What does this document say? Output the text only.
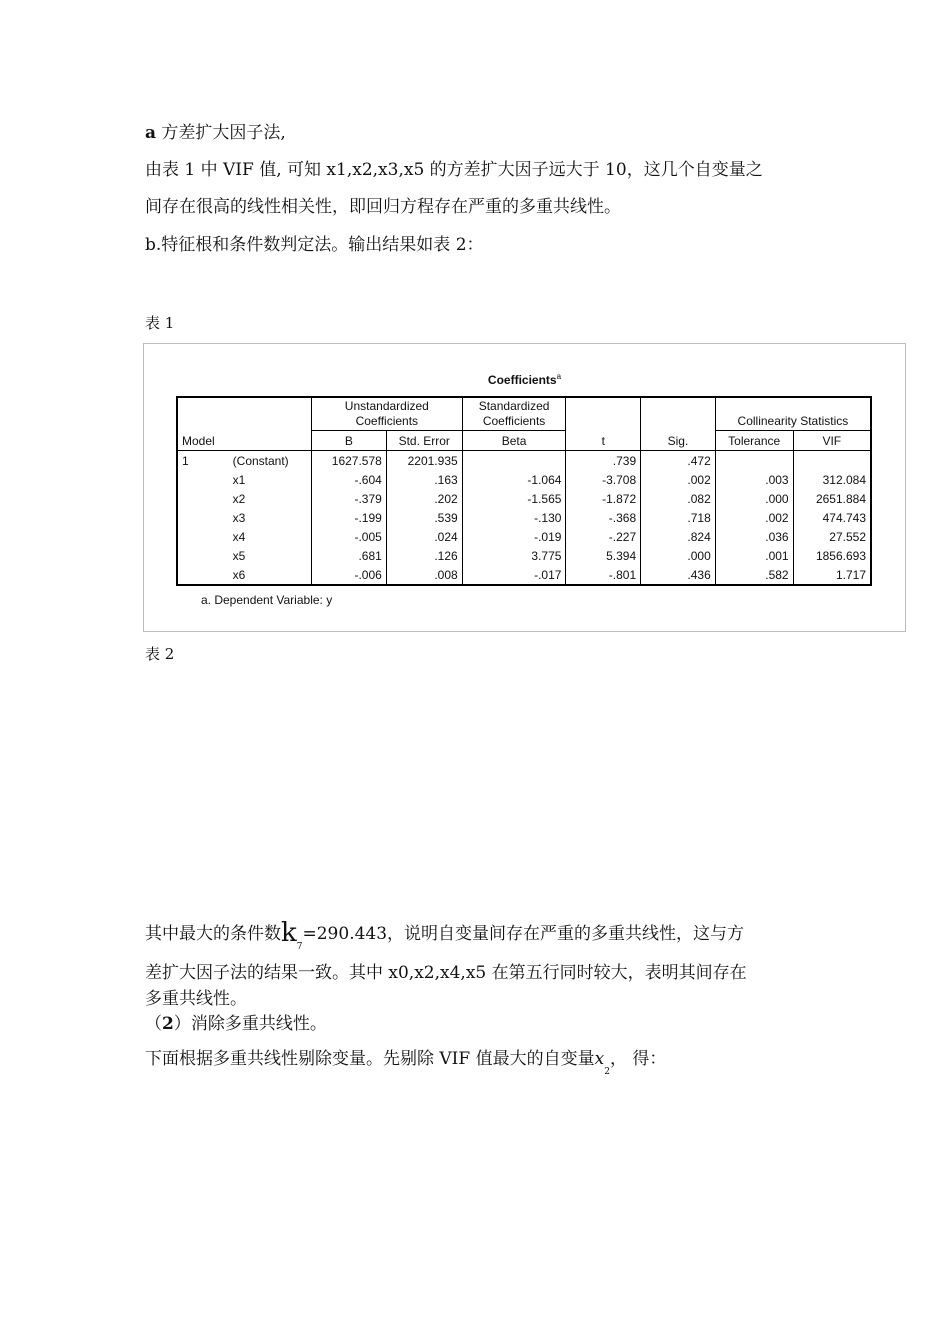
a 方差扩大因子法,
由表 1 中 VIF 值, 可知 x1,x2,x3,x5 的方差扩大因子远大于 10，这几个自变量之
间存在很高的线性相关性，即回归方程存在严重的多重共线性。
b.特征根和条件数判定法。输出结果如表 2：
表 1
Coefficients$^a$
		Unstandardized
Coefficients		Standardized
Coefficients			Collinearity Statistics	

Model		B	Std. Error	Beta	t	Sig.	Tolerance	VIF
1	(Constant)	1627.578	2201.935		.739	.472		
	x1	-.604	.163	-1.064	-3.708	.002	.003	312.084
	x2	-.379	.202	-1.565	-1.872	.082	.000	2651.884
	x3	-.199	.539	-.130	-.368	.718	.002	474.743
	x4	-.005	.024	-.019	-.227	.824	.036	27.552
	x5	.681	.126	3.775	5.394	.000	.001	1856.693
	x6	-.006	.008	-.017	-.801	.436	.582	1.717
a. Dependent Variable: y
表 2
其中最大的条件数$k_7=290.443$，说明自变量间存在严重的多重共线性，这与方
差扩大因子法的结果一致。其中 x0,x2,x4,x5 在第五行同时较大，表明其间存在
多重共线性。
（2）消除多重共线性。
下面根据多重共线性剔除变量。先剔除 VIF 值最大的自变量$x_2$， 得：
